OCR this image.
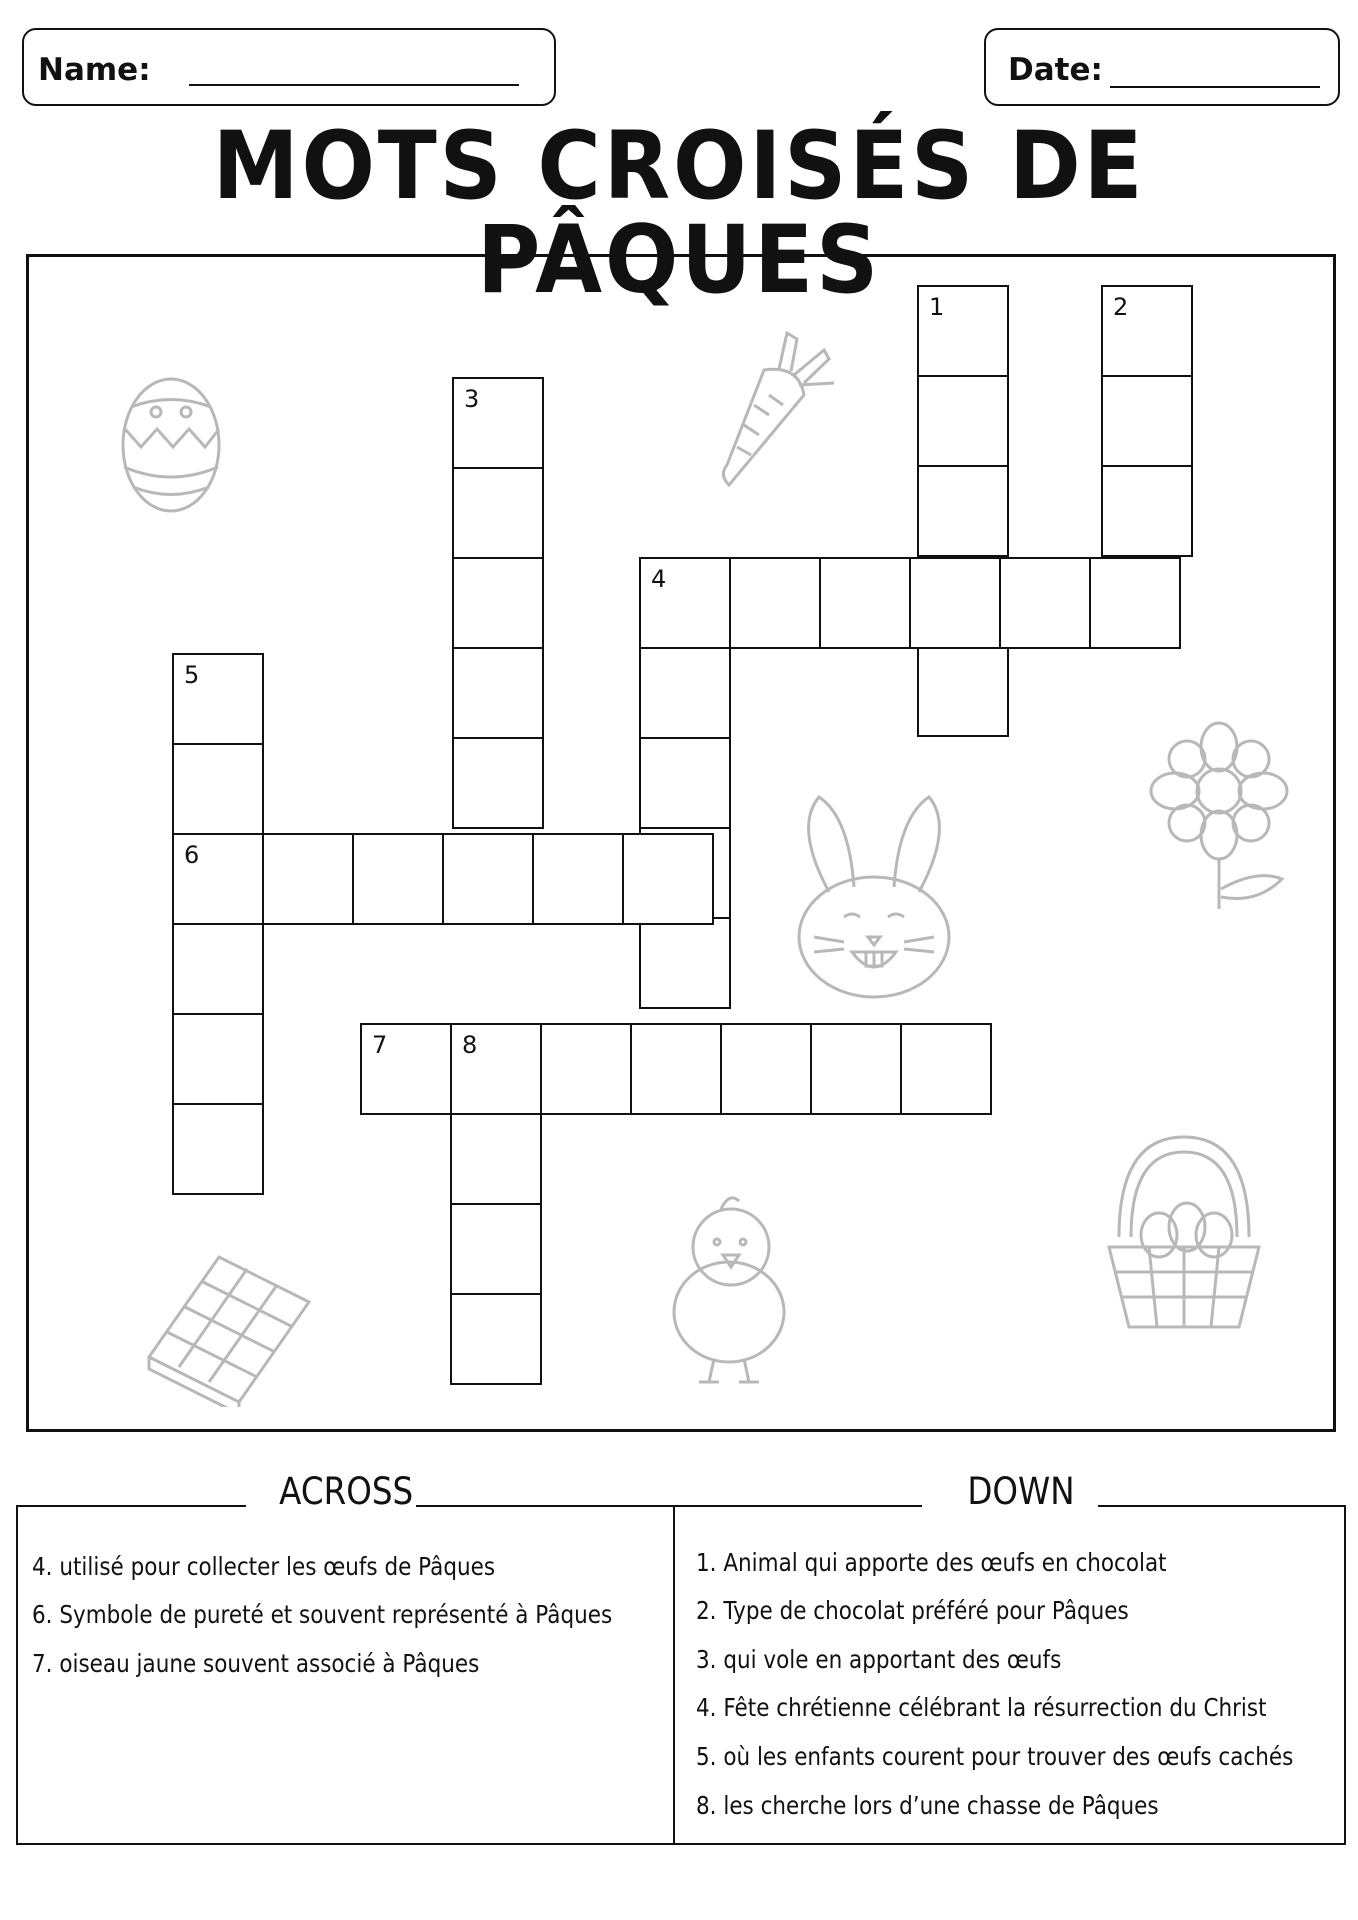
Name:	Date:
MOTS CROISÉS DE PÂQUES	1	2
3
4
5
6
7	8
ACROSS	DOWN
4. utilisé pour collecter les œufs de Pâques
6. Symbole de pureté et souvent représenté à Pâques
7. oiseau jaune souvent associé à Pâques
1. Animal qui apporte des œufs en chocolat
2. Type de chocolat préféré pour Pâques
3. qui vole en apportant des œufs
4. Fête chrétienne célébrant la résurrection du Christ
5. où les enfants courent pour trouver des œufs cachés
8. les cherche lors d’une chasse de Pâques
